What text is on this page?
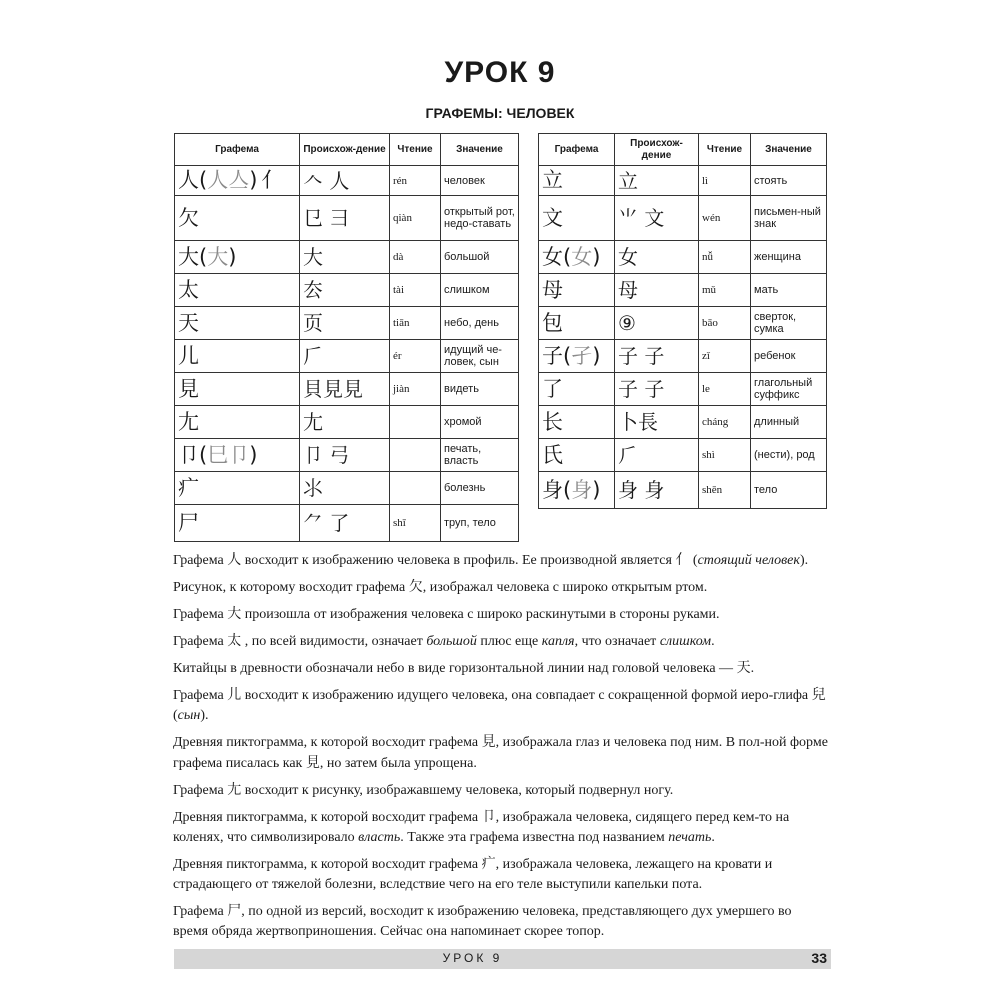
УРОК 9
ГРАФЕМЫ: ЧЕЛОВЕК
Графема	Происхож-дение	Чтение	Значение
人(人亼) 亻	𠆢 ⼈	rén	человек
欠	㔾 ⺕	qiàn	открытый рот, недо-ставать
大(大)	大	dà	большой
太	厺	tài	слишком
天	页	tiān	небо, день
儿	𠂆	ér	идущий че-ловек, сын
見	貝見見	jiàn	видеть
尢	尢		хромой
卩(巳卩)	⼙ 弓		печать, власть
疒	⺢		болезнь
尸	⺈ 了	shī	труп, тело
Графема	Происхож-дение	Чтение	Значение
立	立	lì	стоять
文	⺌ 文	wén	письмен-ный знак
女(女)	⼥	nǚ	женщина
母	⺟	mǔ	мать
包	⑨	bāo	сверток, сумка
子(孑)	⼦ 子	zǐ	ребенок
了	⼦ 子	le	глагольный суффикс
长	⼘長	cháng	длинный
氏	⺁	shì	(нести), род
身(身)	⾝ 身	shēn	тело

Графема 人 восходит к изображению человека в профиль. Ее производной является 亻 (стоящий человек).

Рисунок, к которому восходит графема 欠, изображал человека с широко открытым ртом.

Графема 大 произошла от изображения человека с широко раскинутыми в стороны руками.

Графема 太 , по всей видимости, означает большой плюс еще капля, что означает слишком.

Китайцы в древности обозначали небо в виде горизонтальной линии над головой человека — 天.

Графема 儿 восходит к изображению идущего человека, она совпадает с сокращенной формой иеро-глифа 兒 (сын).

Древняя пиктограмма, к которой восходит графема 見, изображала глаз и человека под ним. В пол-ной форме графема писалась как 見, но затем была упрощена.

Графема 尢 восходит к рисунку, изображавшему человека, который подвернул ногу.

Древняя пиктограмма, к которой восходит графема 卩, изображала человека, сидящего перед кем-то на коленях, что символизировало власть. Также эта графема известна под названием печать.

Древняя пиктограмма, к которой восходит графема 疒, изображала человека, лежащего на кровати и страдающего от тяжелой болезни, вследствие чего на его теле выступили капельки пота.

Графема 尸, по одной из версий, восходит к изображению человека, представляющего дух умершего во время обряда жертвоприношения. Сейчас она напоминает скорее топор.

УРОК 9	33
